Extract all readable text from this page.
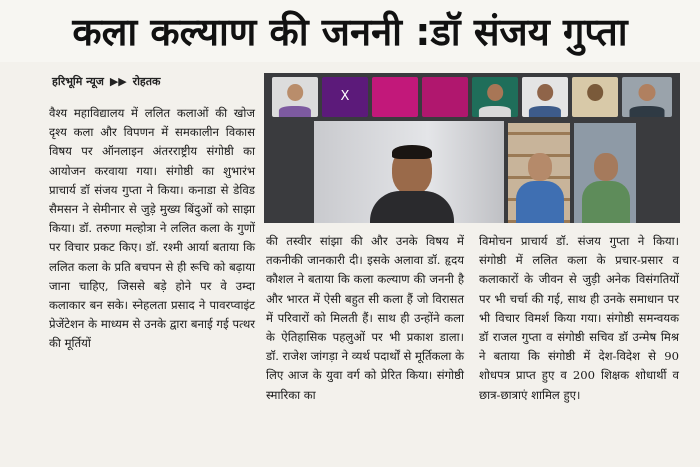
कला कल्याण की जननी :डॉ संजय गुप्ता
हरिभूमि न्यूज ▶▶ रोहतक
वैश्य महाविद्यालय में ललित कलाओं की खोज दृश्य कला और विपणन में समकालीन विकास विषय पर ऑनलाइन अंतरराष्ट्रीय संगोष्ठी का आयोजन करवाया गया। संगोष्ठी का शुभारंभ प्राचार्य डॉ संजय गुप्ता ने किया। कनाडा से डेविड सैमसन ने सेमीनार से जुड़े मुख्य बिंदुओं को साझा किया। डॉ. तरुणा मल्होत्रा ने ललित कला के गुणों पर विचार प्रकट किए। डॉ. रश्मी आर्या बताया कि ललित कला के प्रति बचपन से ही रूचि को बढ़ाया जाना चाहिए, जिससे बड़े होने पर वे उम्दा कलाकार बन सके। स्नेहलता प्रसाद ने पावरप्वाइंट प्रेजेंटेशन के माध्यम से उनके द्वारा बनाई गई पत्थर की मूर्तियों
X
की तस्वीर सांझा की और उनके विषय में तकनीकी जानकारी दी। इसके अलावा डॉ. हृदय कौशल ने बताया कि कला कल्याण की जननी है और भारत में ऐसी बहुत सी कला हैं जो विरासत में परिवारों को मिलती हैं। साथ ही उन्होंने कला के ऐतिहासिक पहलुओं पर भी प्रकाश डाला। डॉ. राजेश जांगड़ा ने व्यर्थ पदार्थों से मूर्तिकला के लिए आज के युवा वर्ग को प्रेरित किया। संगोष्ठी स्मारिका का
विमोचन प्राचार्य डॉ. संजय गुप्ता ने किया। संगोष्ठी में ललित कला के प्रचार-प्रसार व कलाकारों के जीवन से जुड़ी अनेक विसंगतियों पर भी चर्चा की गई, साथ ही उनके समाधान पर भी विचार विमर्श किया गया। संगोष्ठी समन्वयक डॉ राजल गुप्ता व संगोष्ठी सचिव डॉ उन्मेष मिश्र ने बताया कि संगोष्ठी में देश-विदेश से 90 शोधपत्र प्राप्त हुए व 200 शिक्षक शोधार्थी व छात्र-छात्राएं शामिल हुए।
